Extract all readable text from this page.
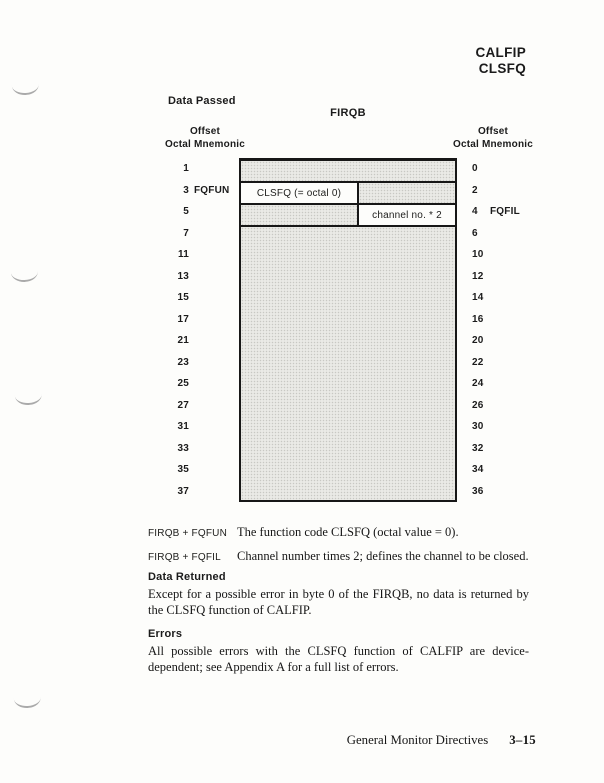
CALFIP
CLSFQ
Data Passed
FIRQB
Offset
Octal Mnemonic
Offset
Octal Mnemonic
1
3 FQFUN
5
7
11
13
15
17
21
23
25
27
31
33
35
37
CLSFQ (= octal 0)
channel no. * 2
0
2
4	FQFIL
6
10
12
14
16
20
22
24
26
30
32
34
36
FIRQB + FQFUN The function code CLSFQ (octal value = 0).
FIRQB + FQFIL	Channel number times 2; defines the channel to be closed.
Data Returned
Except for a possible error in byte 0 of the FIRQB, no data is returned by the CLSFQ function of CALFIP.
Errors
All possible errors with the CLSFQ function of CALFIP are device-dependent; see Appendix A for a full list of errors.
General Monitor Directives 3–15
